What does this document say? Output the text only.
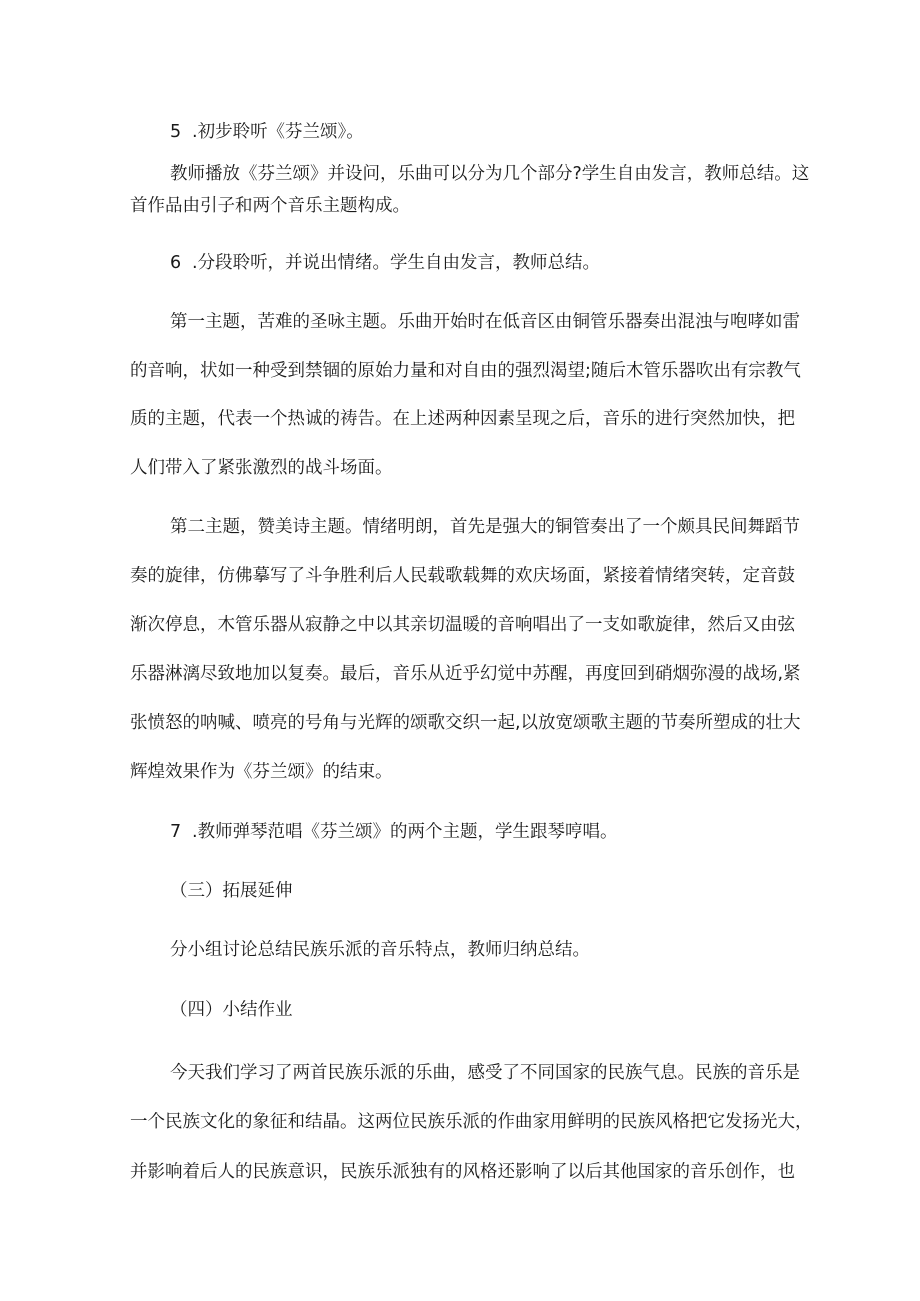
5 .初步聆听《芬兰颂》。

教师播放《芬兰颂》并设问，乐曲可以分为几个部分?学生自由发言，教师总结。这

首作品由引子和两个音乐主题构成。

6 .分段聆听，并说出情绪。学生自由发言，教师总结。

第一主题，苦难的圣咏主题。乐曲开始时在低音区由铜管乐器奏出混浊与咆哮如雷

的音响，状如一种受到禁锢的原始力量和对自由的强烈渴望;随后木管乐器吹出有宗教气

质的主题，代表一个热诚的祷告。在上述两种因素呈现之后，音乐的进行突然加快，把

人们带入了紧张激烈的战斗场面。

第二主题，赞美诗主题。情绪明朗，首先是强大的铜管奏出了一个颇具民间舞蹈节

奏的旋律，仿佛摹写了斗争胜利后人民载歌载舞的欢庆场面，紧接着情绪突转，定音鼓

渐次停息，木管乐器从寂静之中以其亲切温暖的音响唱出了一支如歌旋律，然后又由弦

乐器淋漓尽致地加以复奏。最后，音乐从近乎幻觉中苏醒，再度回到硝烟弥漫的战场,紧

张愤怒的呐喊、喷亮的号角与光辉的颂歌交织一起,以放宽颂歌主题的节奏所塑成的壮大

辉煌效果作为《芬兰颂》的结束。

7 .教师弹琴范唱《芬兰颂》的两个主题，学生跟琴哼唱。

（三）拓展延伸

分小组讨论总结民族乐派的音乐特点，教师归纳总结。

（四）小结作业

今天我们学习了两首民族乐派的乐曲，感受了不同国家的民族气息。民族的音乐是

一个民族文化的象征和结晶。这两位民族乐派的作曲家用鲜明的民族风格把它发扬光大，

并影响着后人的民族意识，民族乐派独有的风格还影响了以后其他国家的音乐创作，也
